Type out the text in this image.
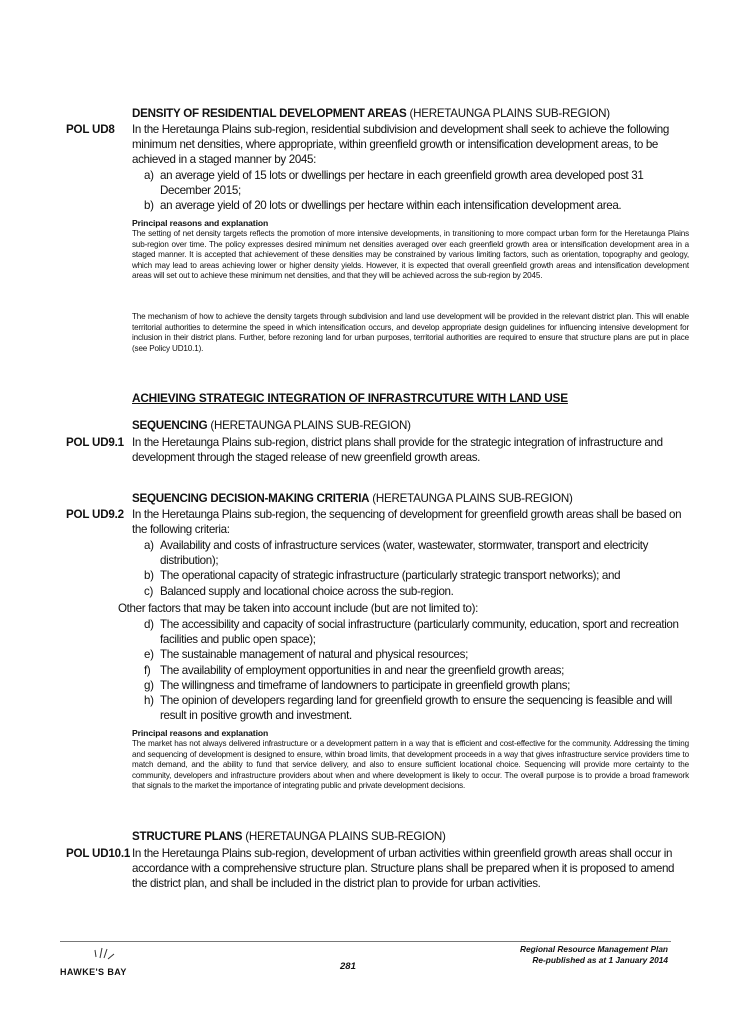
DENSITY OF RESIDENTIAL DEVELOPMENT AREAS (HERETAUNGA PLAINS SUB-REGION)
POL UD8 In the Heretaunga Plains sub-region, residential subdivision and development shall seek to achieve the following minimum net densities, where appropriate, within greenfield growth or intensification development areas, to be achieved in a staged manner by 2045:
a) an average yield of 15 lots or dwellings per hectare in each greenfield growth area developed post 31 December 2015;
b) an average yield of 20 lots or dwellings per hectare within each intensification development area.
Principal reasons and explanation
The setting of net density targets reflects the promotion of more intensive developments, in transitioning to more compact urban form for the Heretaunga Plains sub-region over time. The policy expresses desired minimum net densities averaged over each greenfield growth area or intensification development area in a staged manner. It is accepted that achievement of these densities may be constrained by various limiting factors, such as orientation, topography and geology, which may lead to areas achieving lower or higher density yields. However, it is expected that overall greenfield growth areas and intensification development areas will set out to achieve these minimum net densities, and that they will be achieved across the sub-region by 2045.
The mechanism of how to achieve the density targets through subdivision and land use development will be provided in the relevant district plan. This will enable territorial authorities to determine the speed in which intensification occurs, and develop appropriate design guidelines for influencing intensive development for inclusion in their district plans. Further, before rezoning land for urban purposes, territorial authorities are required to ensure that structure plans are put in place (see Policy UD10.1).
ACHIEVING STRATEGIC INTEGRATION OF INFRASTRCUTURE WITH LAND USE
SEQUENCING (HERETAUNGA PLAINS SUB-REGION)
POL UD9.1 In the Heretaunga Plains sub-region, district plans shall provide for the strategic integration of infrastructure and development through the staged release of new greenfield growth areas.
SEQUENCING DECISION-MAKING CRITERIA (HERETAUNGA PLAINS SUB-REGION)
POL UD9.2 In the Heretaunga Plains sub-region, the sequencing of development for greenfield growth areas shall be based on the following criteria:
a) Availability and costs of infrastructure services (water, wastewater, stormwater, transport and electricity distribution);
b) The operational capacity of strategic infrastructure (particularly strategic transport networks); and
c) Balanced supply and locational choice across the sub-region.
Other factors that may be taken into account include (but are not limited to):
d) The accessibility and capacity of social infrastructure (particularly community, education, sport and recreation facilities and public open space);
e) The sustainable management of natural and physical resources;
f) The availability of employment opportunities in and near the greenfield growth areas;
g) The willingness and timeframe of landowners to participate in greenfield growth plans;
h) The opinion of developers regarding land for greenfield growth to ensure the sequencing is feasible and will result in positive growth and investment.
Principal reasons and explanation
The market has not always delivered infrastructure or a development pattern in a way that is efficient and cost-effective for the community. Addressing the timing and sequencing of development is designed to ensure, within broad limits, that development proceeds in a way that gives infrastructure service providers time to match demand, and the ability to fund that service delivery, and also to ensure sufficient locational choice. Sequencing will provide more certainty to the community, developers and infrastructure providers about when and where development is likely to occur. The overall purpose is to provide a broad framework that signals to the market the importance of integrating public and private development decisions.
STRUCTURE PLANS (HERETAUNGA PLAINS SUB-REGION)
POL UD10.1 In the Heretaunga Plains sub-region, development of urban activities within greenfield growth areas shall occur in accordance with a comprehensive structure plan. Structure plans shall be prepared when it is proposed to amend the district plan, and shall be included in the district plan to provide for urban activities.
HAWKE'S BAY	281
Regional Resource Management Plan
Re-published as at 1 January 2014
